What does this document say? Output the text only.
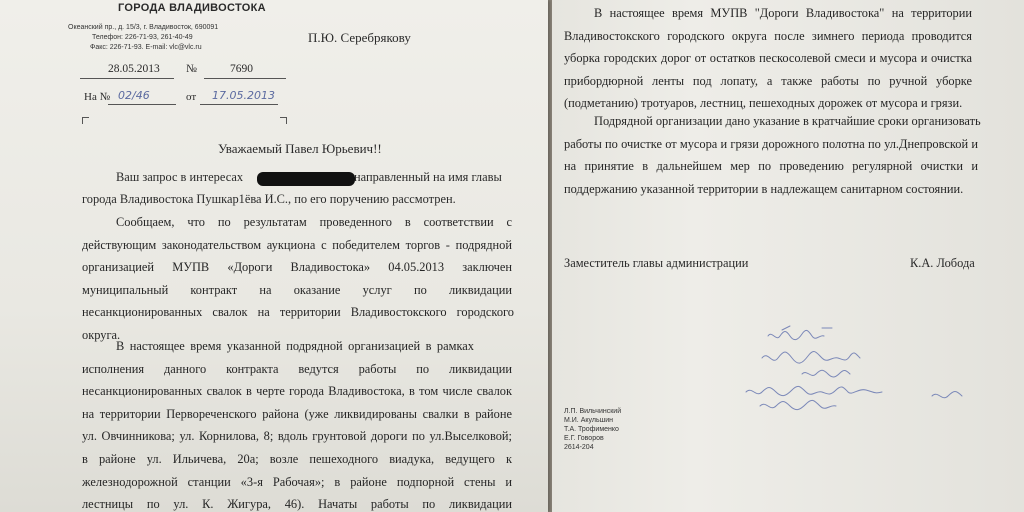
ГОРОДА ВЛАДИВОСТОКА
Океанский пр., д. 15/3, г. Владивосток, 690091
Телефон: 226-71-93, 261-40-49
Факс: 226-71-93. E-mail: vlc@vlc.ru
П.Ю. Серебрякову
28.05.2013 №	7690
На № 02/46	от 17.05.2013
Уважаемый Павел Юрьевич!!
Ваш запрос в интересах	направленный на имя главы
города Владивостока Пушкар1ёва И.С., по его поручению рассмотрен.
Сообщаем, что по результатам проведенного в соответствии с
действующим законодательством аукциона с победителем торгов - подрядной
организацией МУПВ «Дороги Владивостока» 04.05.2013 заключен
муниципальный контракт на оказание услуг по ликвидации
несанкционированных свалок на территории Владивостокского городского
округа.
В настоящее время указанной подрядной организацией в рамках
исполнения данного контракта ведутся работы по ликвидации
несанкционированных свалок в черте города Владивостока, в том числе свалок
на территории Первореченского района (уже ликвидированы свалки в районе
ул. Овчинникова; ул. Корнилова, 8; вдоль грунтовой дороги по ул.Выселковой;
в районе ул. Ильичева, 20а; возле пешеходного виадука, ведущего к
железнодорожной станции «3-я Рабочая»; в районе подпорной стены и
лестницы по ул. К. Жигура, 46). Начаты работы по ликвидации
В настоящее время МУПВ "Дороги Владивостока" на территории
Владивостокского городского округа после зимнего периода проводится
уборка городских дорог от остатков пескосолевой смеси и мусора и очистка
прибордюрной ленты под лопату, а также работы по ручной уборке
(подметанию) тротуаров, лестниц, пешеходных дорожек от мусора и грязи.
Подрядной организации дано указание в кратчайшие сроки организовать
работы по очистке от мусора и грязи дорожного полотна по ул.Днепровской и
на принятие в дальнейшем мер по проведению регулярной очистки и
поддержанию указанной территории в надлежащем санитарном состоянии.
Заместитель главы администрации	К.А. Лобода
Л.П. Вильчинский
М.И. Акульшин
Т.А. Трофименко
Е.Г. Говоров
2614-204
